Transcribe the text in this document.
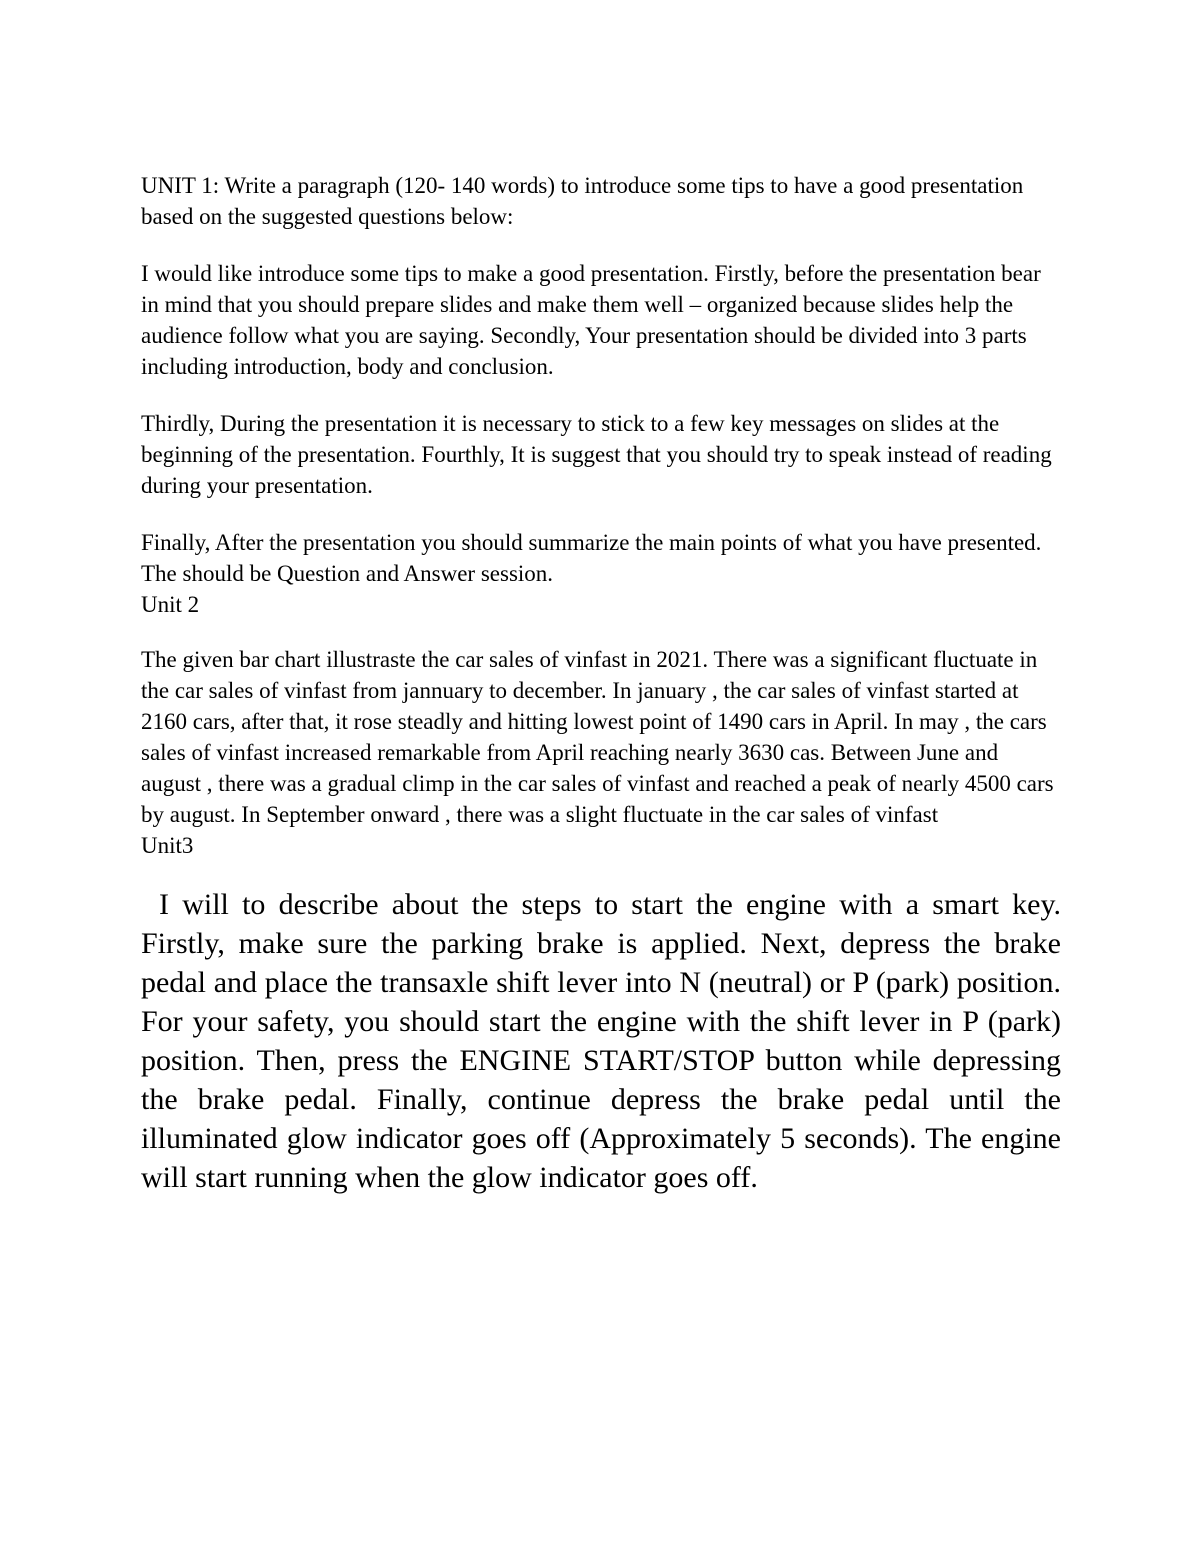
UNIT 1: Write a paragraph (120- 140 words) to introduce some tips to have a good presentation based on the suggested questions below:

I would like introduce some tips to make a good presentation. Firstly, before the presentation bear in mind that you should prepare slides and make them well – organized because slides help the audience follow what you are saying. Secondly, Your presentation should be divided into 3 parts including introduction, body and conclusion.

Thirdly, During the presentation it is necessary to stick to a few key messages on slides at the beginning of the presentation. Fourthly, It is suggest that you should try to speak instead of reading during your presentation.

Finally, After the presentation you should summarize the main points of what you have presented. The should be Question and Answer session.

Unit 2

The given bar chart illustraste the car sales of vinfast in 2021. There was a significant fluctuate in the car sales of vinfast from jannuary to december. In january , the car sales of vinfast started at 2160 cars, after that, it rose steadly and hitting lowest point of 1490 cars in April. In may , the cars sales of vinfast increased remarkable from April reaching nearly 3630 cas. Between June and august , there was a gradual climp in the car sales of vinfast and reached a peak of nearly 4500 cars by august. In September onward , there was a slight fluctuate in the car sales of vinfast

Unit3

I will to describe about the steps to start the engine with a smart key. Firstly, make sure the parking brake is applied. Next, depress the brake pedal and place the transaxle shift lever into N (neutral) or P (park) position. For your safety, you should start the engine with the shift lever in P (park) position. Then, press the ENGINE START/STOP button while depressing the brake pedal. Finally, continue depress the brake pedal until the illuminated glow indicator goes off (Approximately 5 seconds). The engine will start running when the glow indicator goes off.
